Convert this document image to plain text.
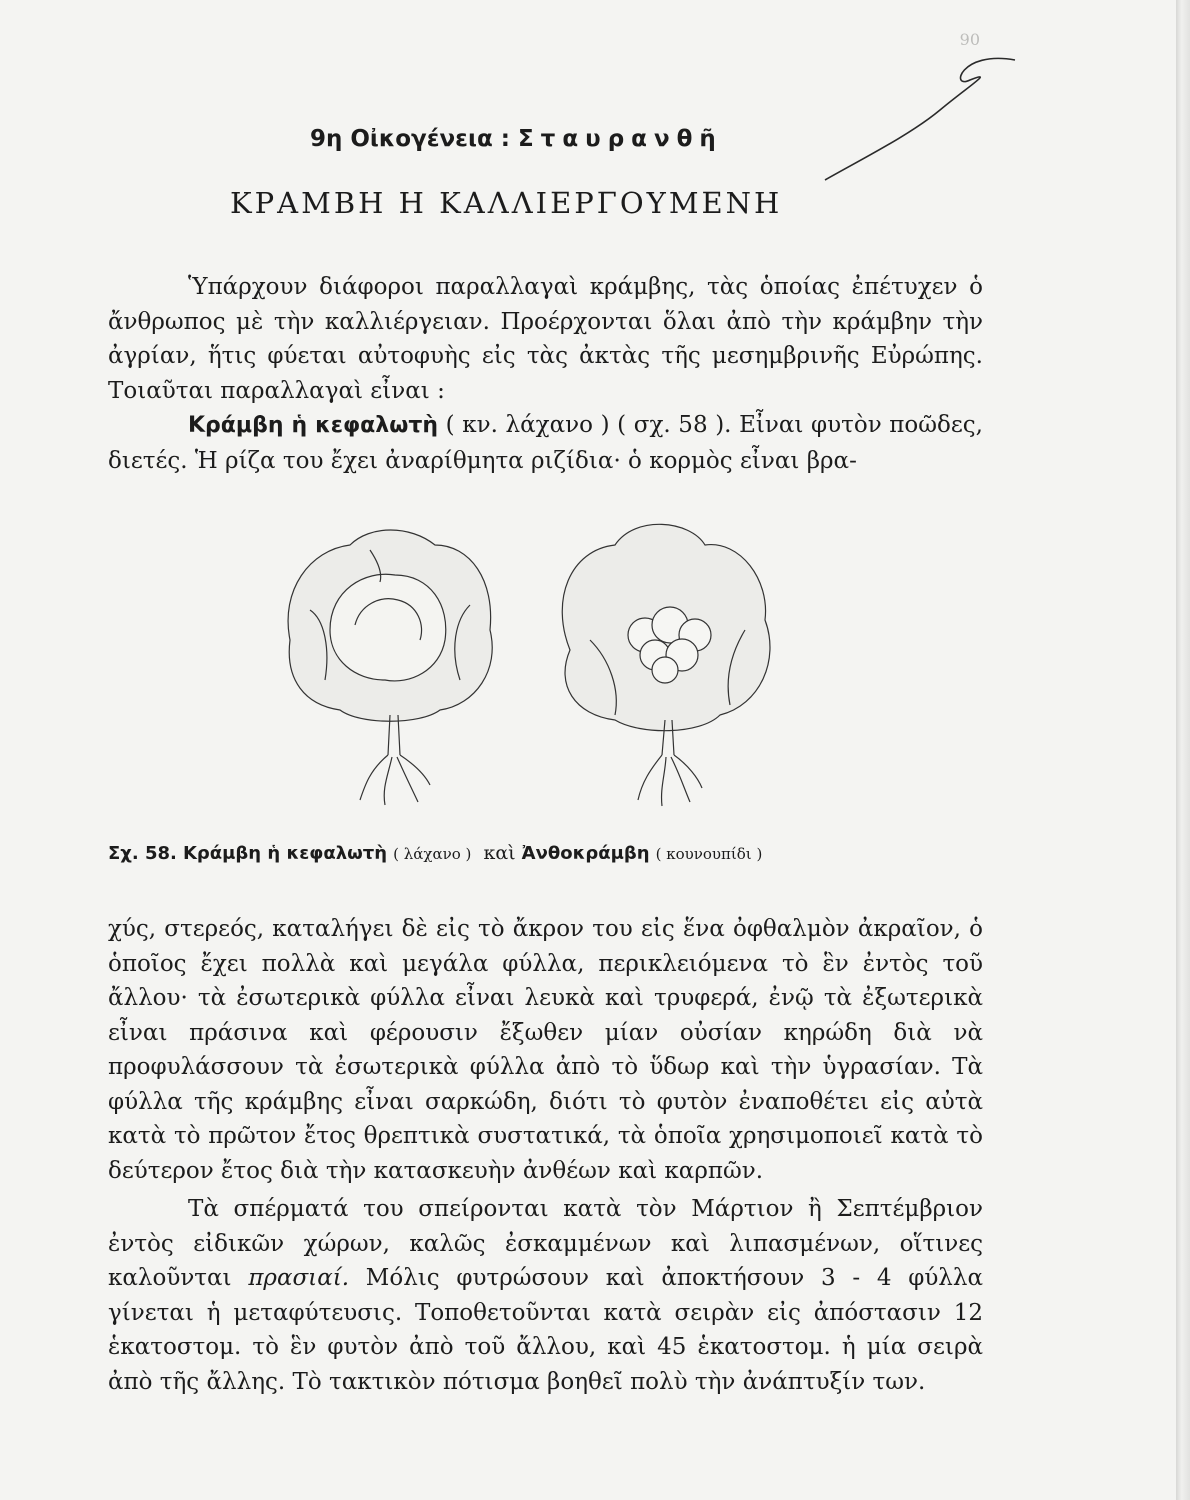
90
9η Οἰκογένεια : Σταυρανθῆ
ΚΡΑΜΒΗ Η ΚΑΛΛΙΕΡΓΟΥΜΕΝΗ

Ὑπάρχουν διάφοροι παραλλαγαὶ κράμβης, τὰς ὁποίας ἐπέτυχεν ὁ ἄνθρωπος μὲ τὴν καλλιέργειαν. Προέρχονται ὅλαι ἀπὸ τὴν κράμβην τὴν ἀγρίαν, ἥτις φύεται αὐτοφυὴς εἰς τὰς ἀκτὰς τῆς μεσημβρινῆς Εὐρώπης. Τοιαῦται παραλλαγαὶ εἶναι :

Κράμβη ἡ κεφαλωτὴ ( κν. λάχανο ) ( σχ. 58 ). Εἶναι φυτὸν ποῶδες, διετές. Ἡ ρίζα του ἔχει ἀναρίθμητα ριζίδια· ὁ κορμὸς εἶναι βρα-

Σχ. 58. Κράμβη ἡ κεφαλωτὴ ( λάχανο ) καὶ Ἀνθοκράμβη ( κουνουπίδι )

χύς, στερεός, καταλήγει δὲ εἰς τὸ ἄκρον του εἰς ἕνα ὀφθαλμὸν ἀκραῖον, ὁ ὁποῖος ἔχει πολλὰ καὶ μεγάλα φύλλα, περικλειόμενα τὸ ἓν ἐντὸς τοῦ ἄλλου· τὰ ἐσωτερικὰ φύλλα εἶναι λευκὰ καὶ τρυφερά, ἐνῷ τὰ ἐξωτερικὰ εἶναι πράσινα καὶ φέρουσιν ἔξωθεν μίαν οὐσίαν κηρώδη διὰ νὰ προφυλάσσουν τὰ ἐσωτερικὰ φύλλα ἀπὸ τὸ ὕδωρ καὶ τὴν ὑγρασίαν. Τὰ φύλλα τῆς κράμβης εἶναι σαρκώδη, διότι τὸ φυτὸν ἐναποθέτει εἰς αὐτὰ κατὰ τὸ πρῶτον ἔτος θρεπτικὰ συστατικά, τὰ ὁποῖα χρησιμοποιεῖ κατὰ τὸ δεύτερον ἔτος διὰ τὴν κατασκευὴν ἀνθέων καὶ καρπῶν.

Τὰ σπέρματά του σπείρονται κατὰ τὸν Μάρτιον ἢ Σεπτέμβριον ἐντὸς εἰδικῶν χώρων, καλῶς ἐσκαμμένων καὶ λιπασμένων, οἵτινες καλοῦνται πρασιαί. Μόλις φυτρώσουν καὶ ἀποκτήσουν 3 - 4 φύλλα γίνεται ἡ μεταφύτευσις. Τοποθετοῦνται κατὰ σειρὰν εἰς ἀπόστασιν 12 ἑκατοστομ. τὸ ἓν φυτὸν ἀπὸ τοῦ ἄλλου, καὶ 45 ἑκατοστομ. ἡ μία σειρὰ ἀπὸ τῆς ἄλλης. Τὸ τακτικὸν πότισμα βοηθεῖ πολὺ τὴν ἀνάπτυξίν των.
